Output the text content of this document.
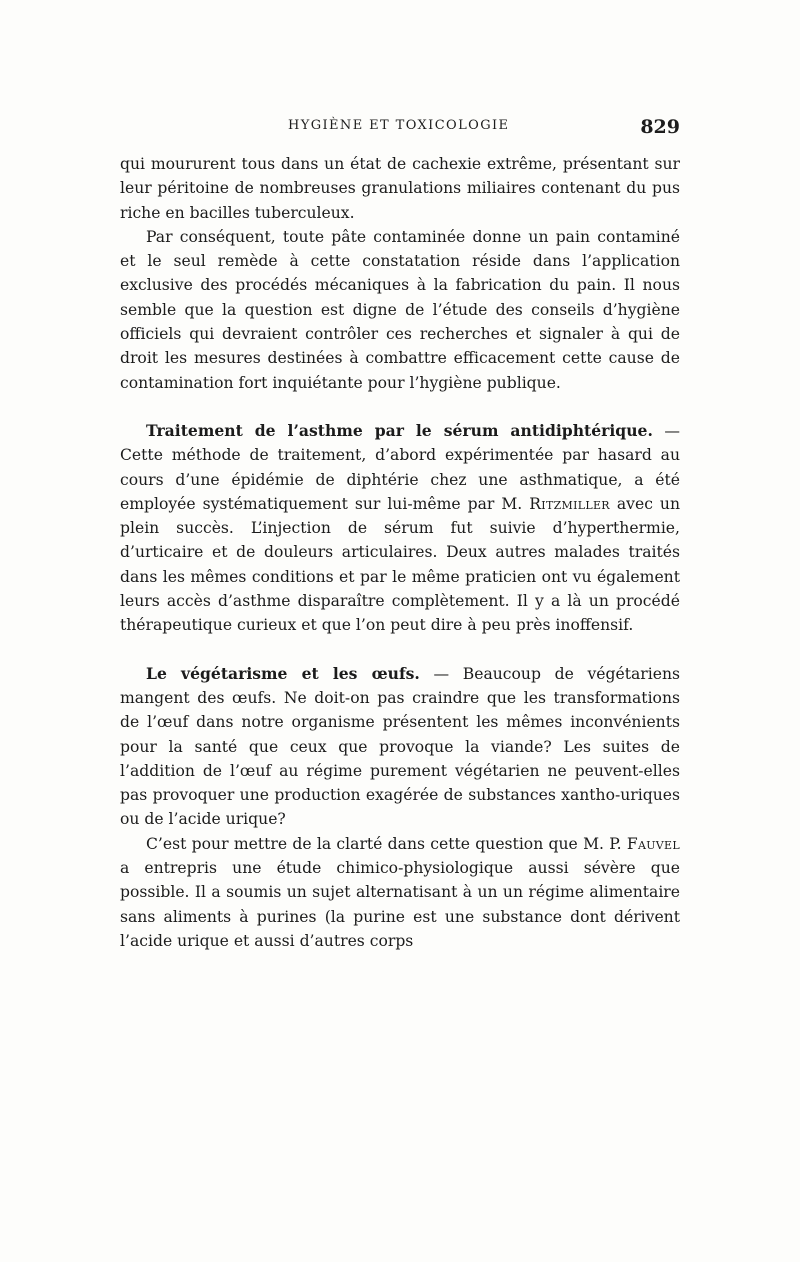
HYGIÈNE ET TOXICOLOGIE	829

qui moururent tous dans un état de cachexie extrême, présentant sur leur péritoine de nombreuses granulations miliaires contenant du pus riche en bacilles tuberculeux.

Par conséquent, toute pâte contaminée donne un pain contaminé et le seul remède à cette constatation réside dans l’application exclusive des procédés mécaniques à la fabrication du pain. Il nous semble que la question est digne de l’étude des conseils d’hygiène officiels qui devraient contrôler ces recherches et signaler à qui de droit les mesures destinées à combattre efficacement cette cause de contamination fort inquiétante pour l’hygiène publique.

Traitement de l’asthme par le sérum antidiphtérique. — Cette méthode de traitement, d’abord expérimentée par hasard au cours d’une épidémie de diphtérie chez une asthmatique, a été employée systématiquement sur lui-même par M. Ritzmiller avec un plein succès. L’injection de sérum fut suivie d’hyperthermie, d’urticaire et de douleurs articulaires. Deux autres malades traités dans les mêmes conditions et par le même praticien ont vu également leurs accès d’asthme disparaître complètement. Il y a là un procédé thérapeutique curieux et que l’on peut dire à peu près inoffensif.

Le végétarisme et les œufs. — Beaucoup de végétariens mangent des œufs. Ne doit-on pas craindre que les transformations de l’œuf dans notre organisme présentent les mêmes inconvénients pour la santé que ceux que provoque la viande? Les suites de l’addition de l’œuf au régime purement végétarien ne peuvent-elles pas provoquer une production exagérée de substances xantho-uriques ou de l’acide urique?

C’est pour mettre de la clarté dans cette question que M. P. Fauvel a entrepris une étude chimico-physiologique aussi sévère que possible. Il a soumis un sujet alternatisant à un un régime alimentaire sans aliments à purines (la purine est une substance dont dérivent l’acide urique et aussi d’autres corps
